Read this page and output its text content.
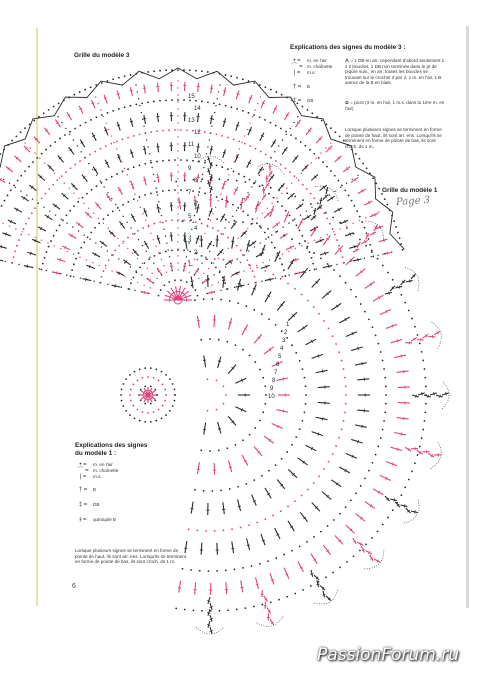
15
14
13
12
11
10
9
8
7
6
5
4
3
2
1
10
9
8
7
6
5
4
3
2
1
Grille du modèle 3
Explications des signes du modèle 3 :
• =	m. en l'air
⌒ = m. chaînette
| =	m.s.
† =	B
‡ =	DB
⩚ = 1 DB en arr. cependant d'abord seulement 1 x 2 boucles, 1 DB non terminée dans le pt de piqûre suiv., en arr. toutes les boucles se trouvant sur le crochet 2 par 2, 1 m. en l'air, 1 B autour de la B en biais.
✿ = picot (3 m. en l'air, 1 m.s. dans la 1ère m. en l'air)
Lorsque plusieurs signes se terminent en forme de pointe de haut, ils sont arr. ens. Lorsqu'ils se terminent en forme de pointe de bas, ils sont croch. ds 1 m.
Grille du modèle 1
Page 3
Explications des signes du modèle 1 :
• =	m. en l'air
⌒ = m. chaînette
| =	m.s.
† =	B
‡ =	DB
⫲ =	quintuple B
Lorsque plusieurs signes se terminent en forme de pointe de haut, ils sont arr. ens. Lorsqu'ils se terminent en forme de pointe de bas, ils sont croch. ds 1 m.
6
PassionForum.ru
